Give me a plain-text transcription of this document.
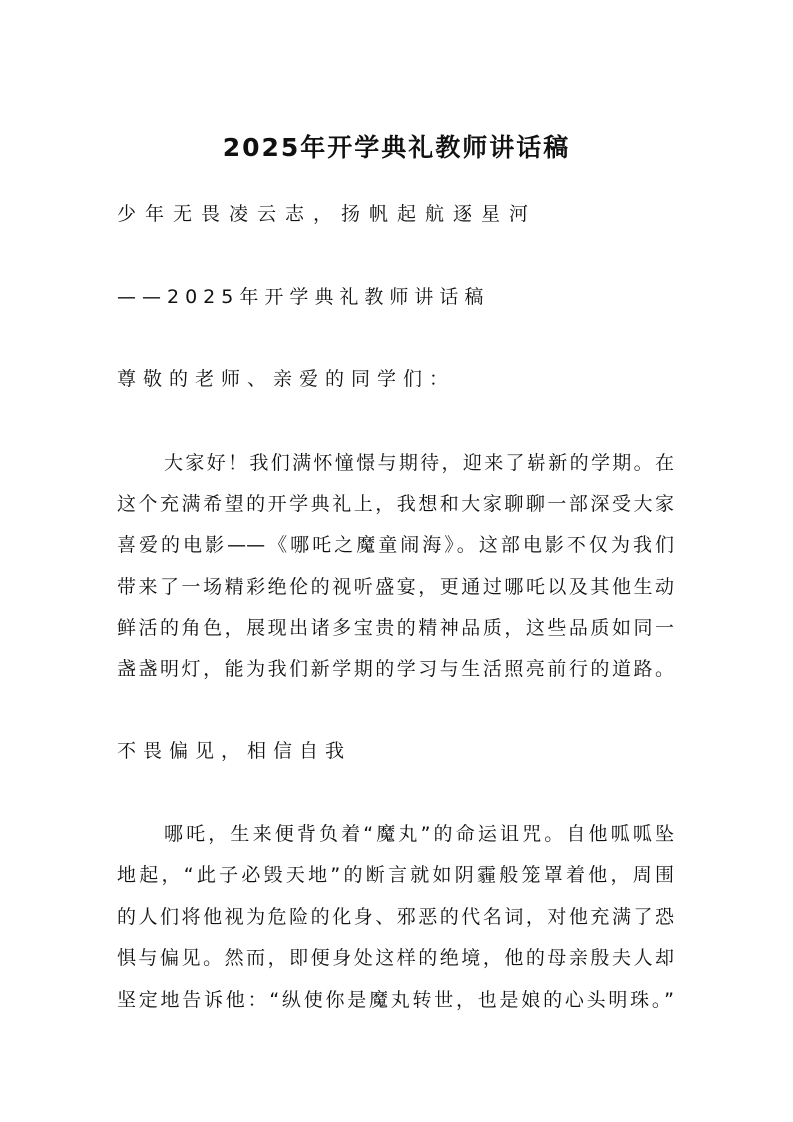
2025年开学典礼教师讲话稿
少年无畏凌云志，扬帆起航逐星河
——2025年开学典礼教师讲话稿
尊敬的老师、亲爱的同学们：
大家好！我们满怀憧憬与期待，迎来了崭新的学期。在
这个充满希望的开学典礼上，我想和大家聊聊一部深受大家
喜爱的电影——《哪吒之魔童闹海》。这部电影不仅为我们
带来了一场精彩绝伦的视听盛宴，更通过哪吒以及其他生动
鲜活的角色，展现出诸多宝贵的精神品质，这些品质如同一
盏盏明灯，能为我们新学期的学习与生活照亮前行的道路。
不畏偏见，相信自我
哪吒，生来便背负着“魔丸”的命运诅咒。自他呱呱坠
地起，“此子必毁天地”的断言就如阴霾般笼罩着他，周围
的人们将他视为危险的化身、邪恶的代名词，对他充满了恐
惧与偏见。然而，即便身处这样的绝境，他的母亲殷夫人却
坚定地告诉他：“纵使你是魔丸转世，也是娘的心头明珠。”
